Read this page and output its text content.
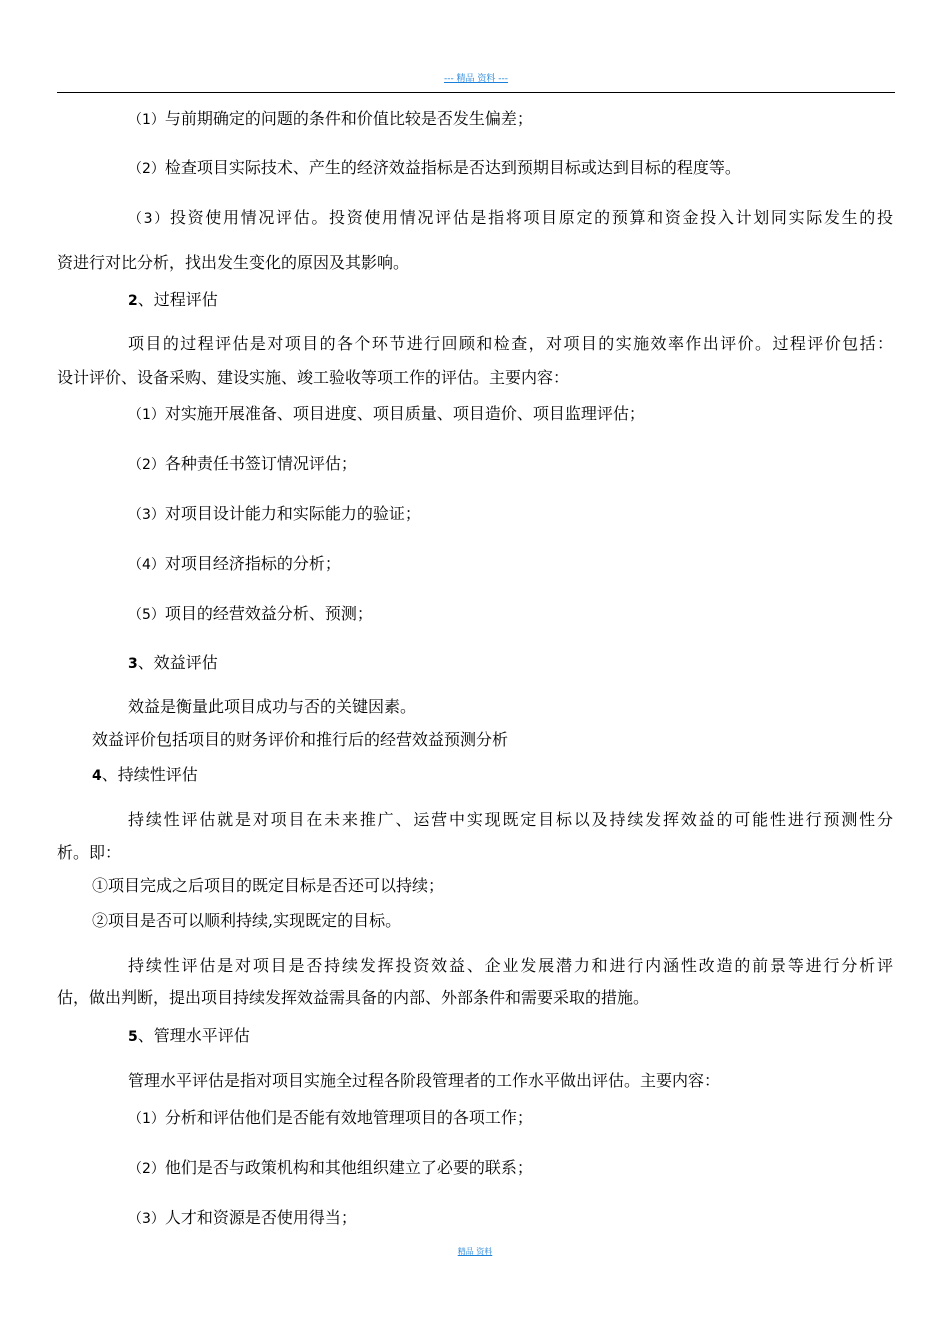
--- 精品 资料 ---
（1）与前期确定的问题的条件和价值比较是否发生偏差；
（2）检查项目实际技术、产生的经济效益指标是否达到预期目标或达到目标的程度等。
（3）投资使用情况评估。投资使用情况评估是指将项目原定的预算和资金投入计划同实际发生的投
资进行对比分析，找出发生变化的原因及其影响。
2、过程评估
项目的过程评估是对项目的各个环节进行回顾和检查，对项目的实施效率作出评价。过程评价包括：
设计评价、设备采购、建设实施、竣工验收等项工作的评估。主要内容：
（1）对实施开展准备、项目进度、项目质量、项目造价、项目监理评估；
（2）各种责任书签订情况评估；
（3）对项目设计能力和实际能力的验证；
（4）对项目经济指标的分析；
（5）项目的经营效益分析、预测；
3、效益评估
效益是衡量此项目成功与否的关键因素。
效益评价包括项目的财务评价和推行后的经营效益预测分析
4、持续性评估
持续性评估就是对项目在未来推广、运营中实现既定目标以及持续发挥效益的可能性进行预测性分
析。即：
①项目完成之后项目的既定目标是否还可以持续；
②项目是否可以顺利持续,实现既定的目标。
持续性评估是对项目是否持续发挥投资效益、企业发展潜力和进行内涵性改造的前景等进行分析评
估，做出判断，提出项目持续发挥效益需具备的内部、外部条件和需要采取的措施。
5、管理水平评估
管理水平评估是指对项目实施全过程各阶段管理者的工作水平做出评估。主要内容：
（1）分析和评估他们是否能有效地管理项目的各项工作；
（2）他们是否与政策机构和其他组织建立了必要的联系；
（3）人才和资源是否使用得当；
精品 资料
